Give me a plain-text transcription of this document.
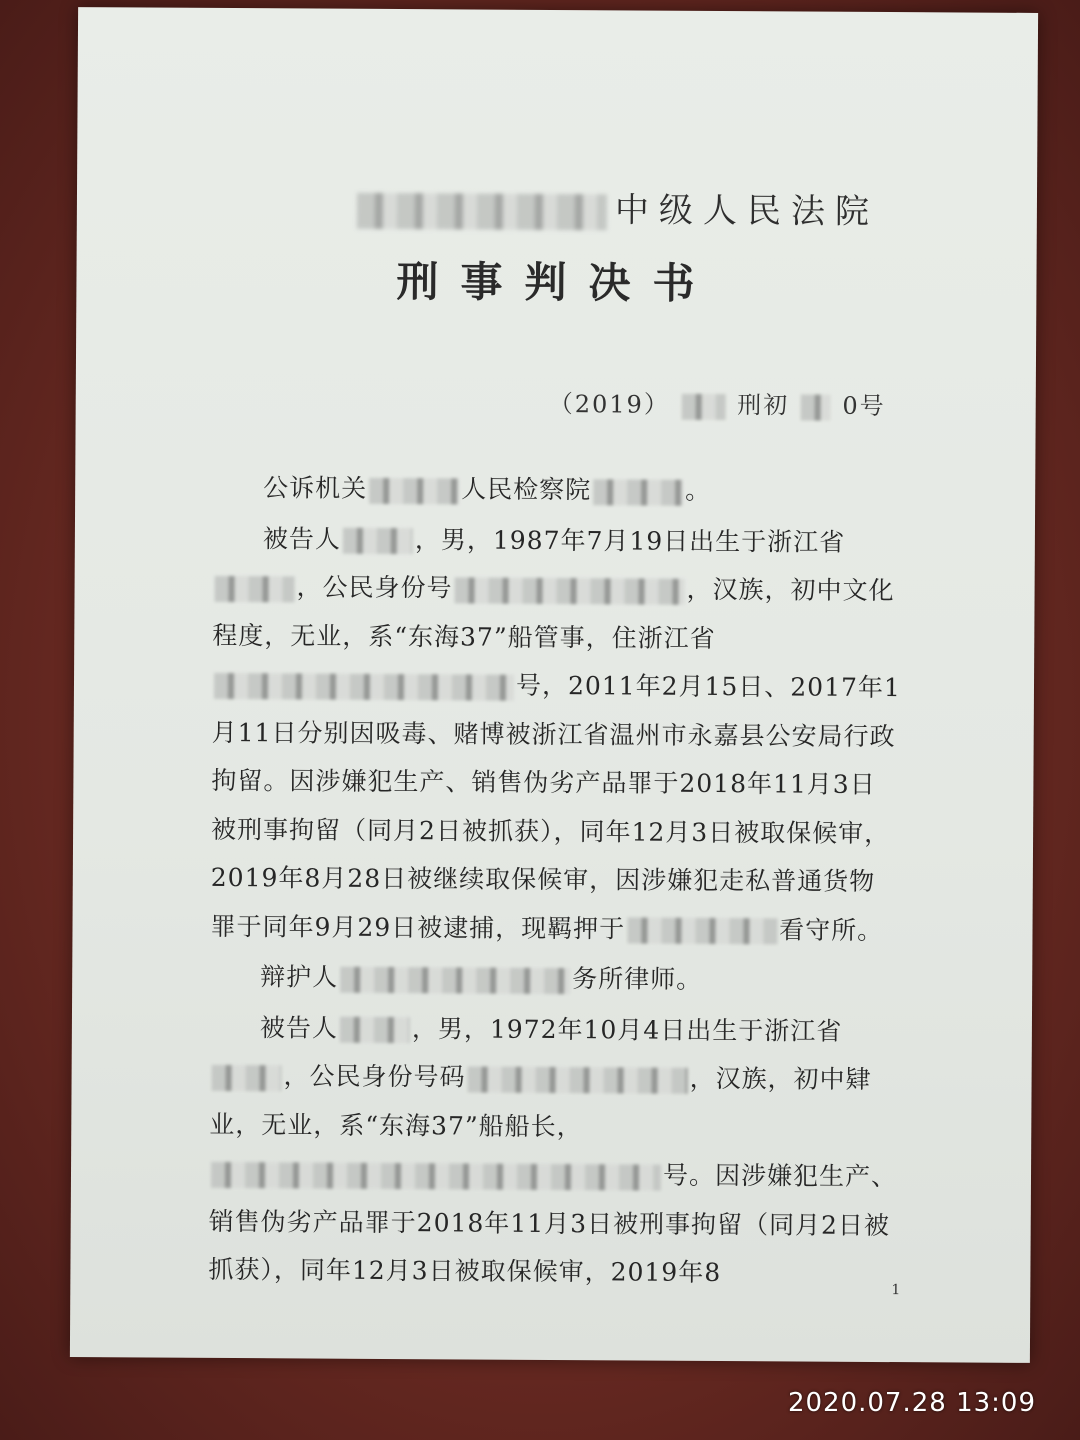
中级人民法院
刑事判决书
（2019）	刑初 0号

公诉机关	人民检察院	。

被告人	，男，1987年7月19日出生于浙江省，公民身份号	，汉族，初中文化程度，无业，系“东海37”船管事，住浙江省号，2011年2月15日、2017年1月11日分别因吸毒、赌博被浙江省温州市永嘉县公安局行政拘留。因涉嫌犯生产、销售伪劣产品罪于2018年11月3日被刑事拘留（同月2日被抓获），同年12月3日被取保候审，2019年8月28日被继续取保候审，因涉嫌犯走私普通货物罪于同年9月29日被逮捕，现羁押于	看守所。

辩护人	务所律师。

被告人	，男，1972年10月4日出生于浙江省，公民身份号码	，汉族，初中肄业，无业，系“东海37”船船长，号。因涉嫌犯生产、销售伪劣产品罪于2018年11月3日被刑事拘留（同月2日被抓获），同年12月3日被取保候审，2019年8

1
2020.07.28 13:09
